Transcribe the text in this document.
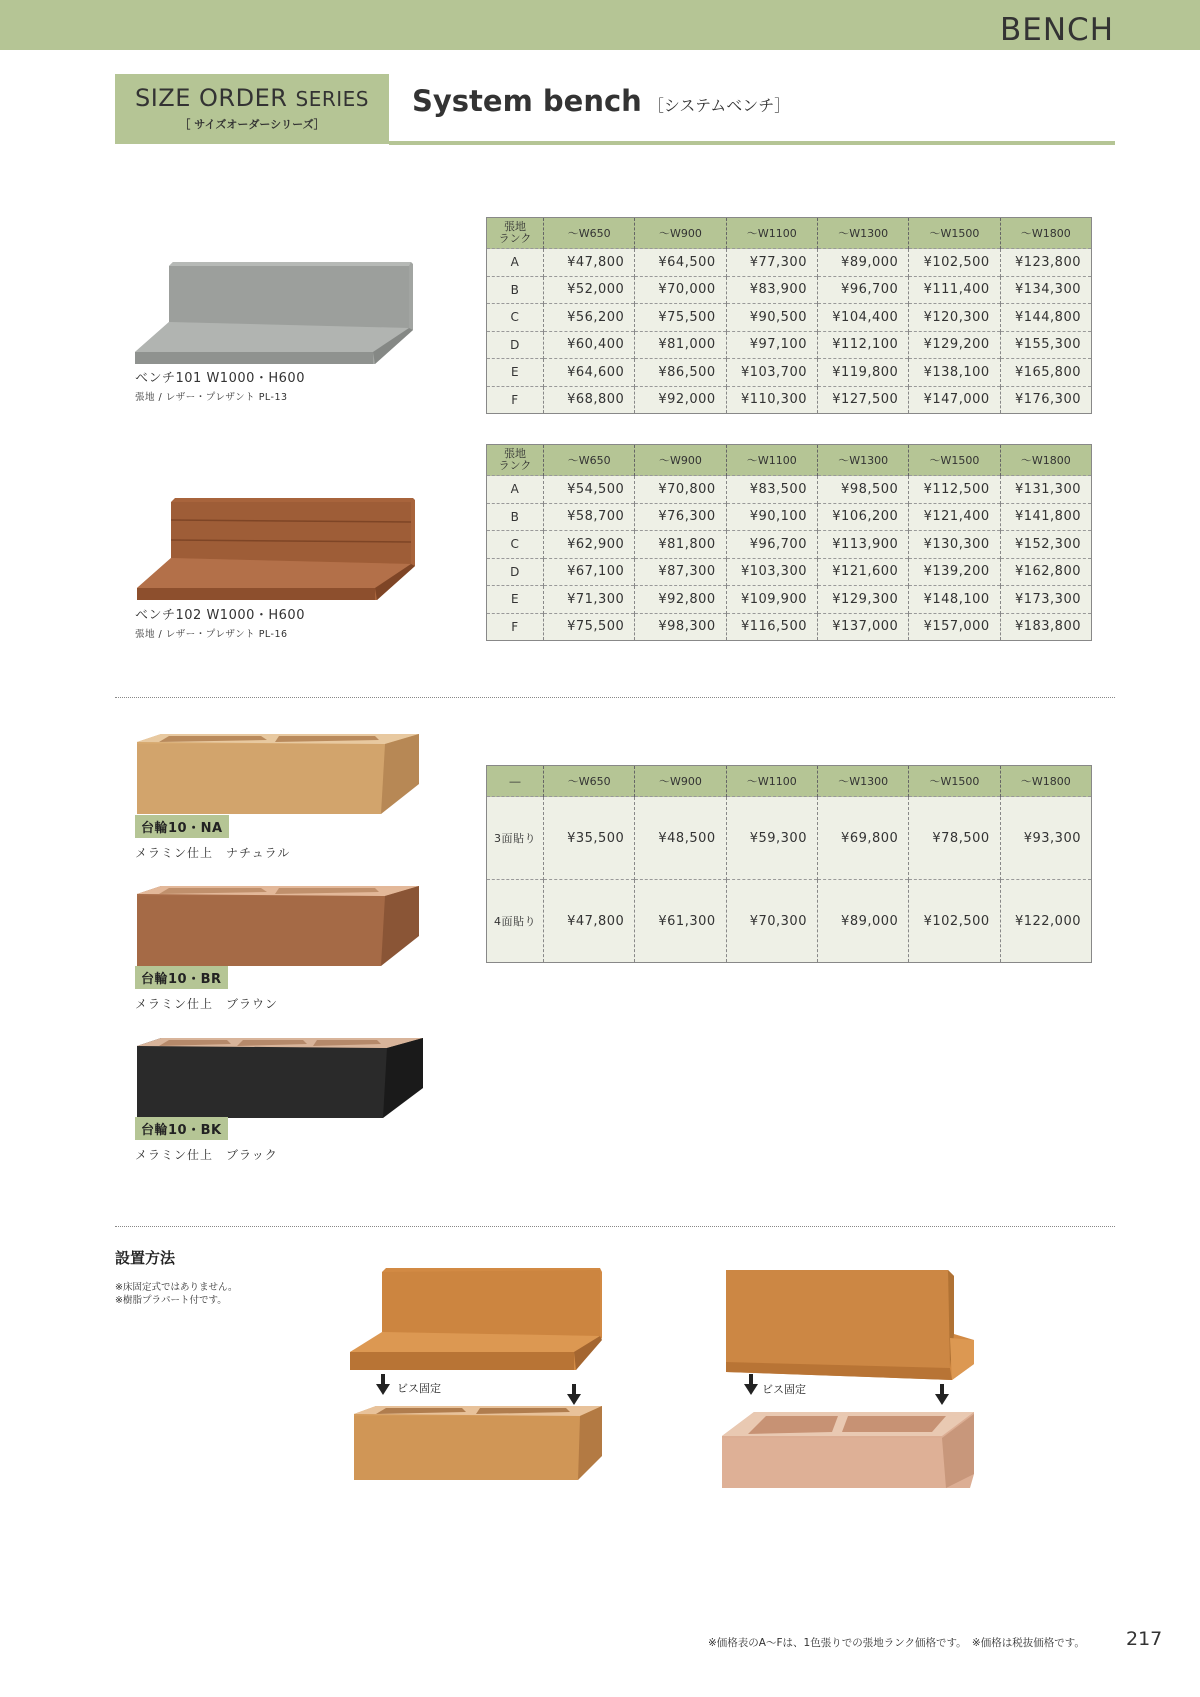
BENCH
SIZE ORDER SERIES
［ サイズオーダーシリーズ］
System bench ［システムベンチ］
ベンチ101 W1000・H600
張地 / レザー・プレザント PL-13
ベンチ102 W1000・H600
張地 / レザー・プレザント PL-16
張地
ランク	～W650	～W900	～W1100	～W1300	～W1500	～W1800
A	¥47,800	¥64,500	¥77,300	¥89,000	¥102,500	¥123,800
B	¥52,000	¥70,000	¥83,900	¥96,700	¥111,400	¥134,300
C	¥56,200	¥75,500	¥90,500	¥104,400	¥120,300	¥144,800
D	¥60,400	¥81,000	¥97,100	¥112,100	¥129,200	¥155,300
E	¥64,600	¥86,500	¥103,700	¥119,800	¥138,100	¥165,800
F	¥68,800	¥92,000	¥110,300	¥127,500	¥147,000	¥176,300
張地
ランク	～W650	～W900	～W1100	～W1300	～W1500	～W1800
A	¥54,500	¥70,800	¥83,500	¥98,500	¥112,500	¥131,300
B	¥58,700	¥76,300	¥90,100	¥106,200	¥121,400	¥141,800
C	¥62,900	¥81,800	¥96,700	¥113,900	¥130,300	¥152,300
D	¥67,100	¥87,300	¥103,300	¥121,600	¥139,200	¥162,800
E	¥71,300	¥92,800	¥109,900	¥129,300	¥148,100	¥173,300
F	¥75,500	¥98,300	¥116,500	¥137,000	¥157,000	¥183,800
台輪10・NA
メラミン仕上　ナチュラル
台輪10・BR
メラミン仕上　ブラウン
台輪10・BK
メラミン仕上　ブラック
―	～W650	～W900	～W1100	～W1300	～W1500	～W1800
3面貼り	¥35,500	¥48,500	¥59,300	¥69,800	¥78,500	¥93,300
4面貼り	¥47,800	¥61,300	¥70,300	¥89,000	¥102,500	¥122,000
設置方法
※床固定式ではありません。
※樹脂プラパート付です。
ビス固定	ビス固定
※価格表のA～Fは、1色張りでの張地ランク価格です。　※価格は税抜価格です。 217
